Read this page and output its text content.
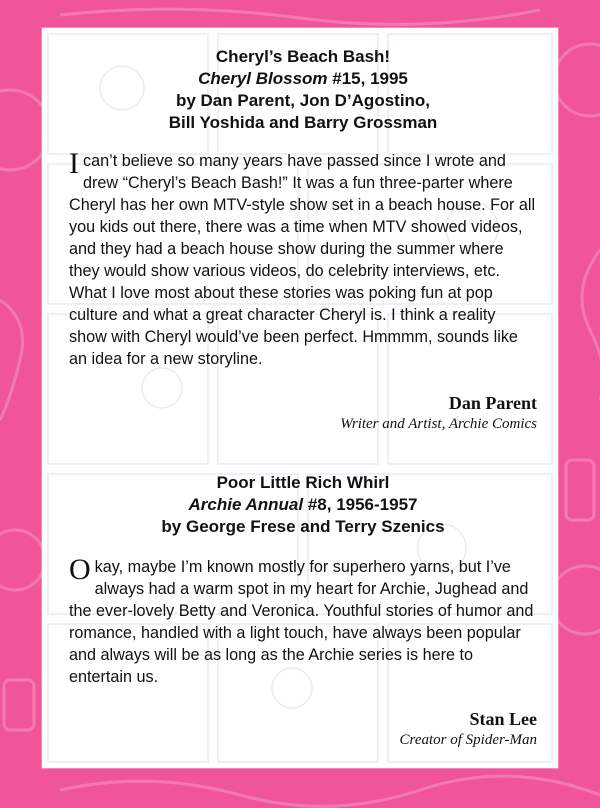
Cheryl’s Beach Bash!
Cheryl Blossom #15, 1995
by Dan Parent, Jon D’Agostino,
Bill Yoshida and Barry Grossman

I can’t believe so many years have passed since I wrote and drew “Cheryl’s Beach Bash!” It was a fun three-parter where Cheryl has her own MTV-style show set in a beach house. For all you kids out there, there was a time when MTV showed videos, and they had a beach house show during the summer where they would show various videos, do celebrity interviews, etc. What I love most about these stories was poking fun at pop culture and what a great character Cheryl is. I think a reality show with Cheryl would’ve been perfect. Hmmmm, sounds like an idea for a new storyline.

Dan Parent
Writer and Artist, Archie Comics
Poor Little Rich Whirl
Archie Annual #8, 1956-1957
by George Frese and Terry Szenics

Okay, maybe I’m known mostly for superhero yarns, but I’ve always had a warm spot in my heart for Archie, Jughead and the ever-lovely Betty and Veronica. Youthful stories of humor and romance, handled with a light touch, have always been popular and always will be as long as the Archie series is here to entertain us.

Stan Lee
Creator of Spider-Man
